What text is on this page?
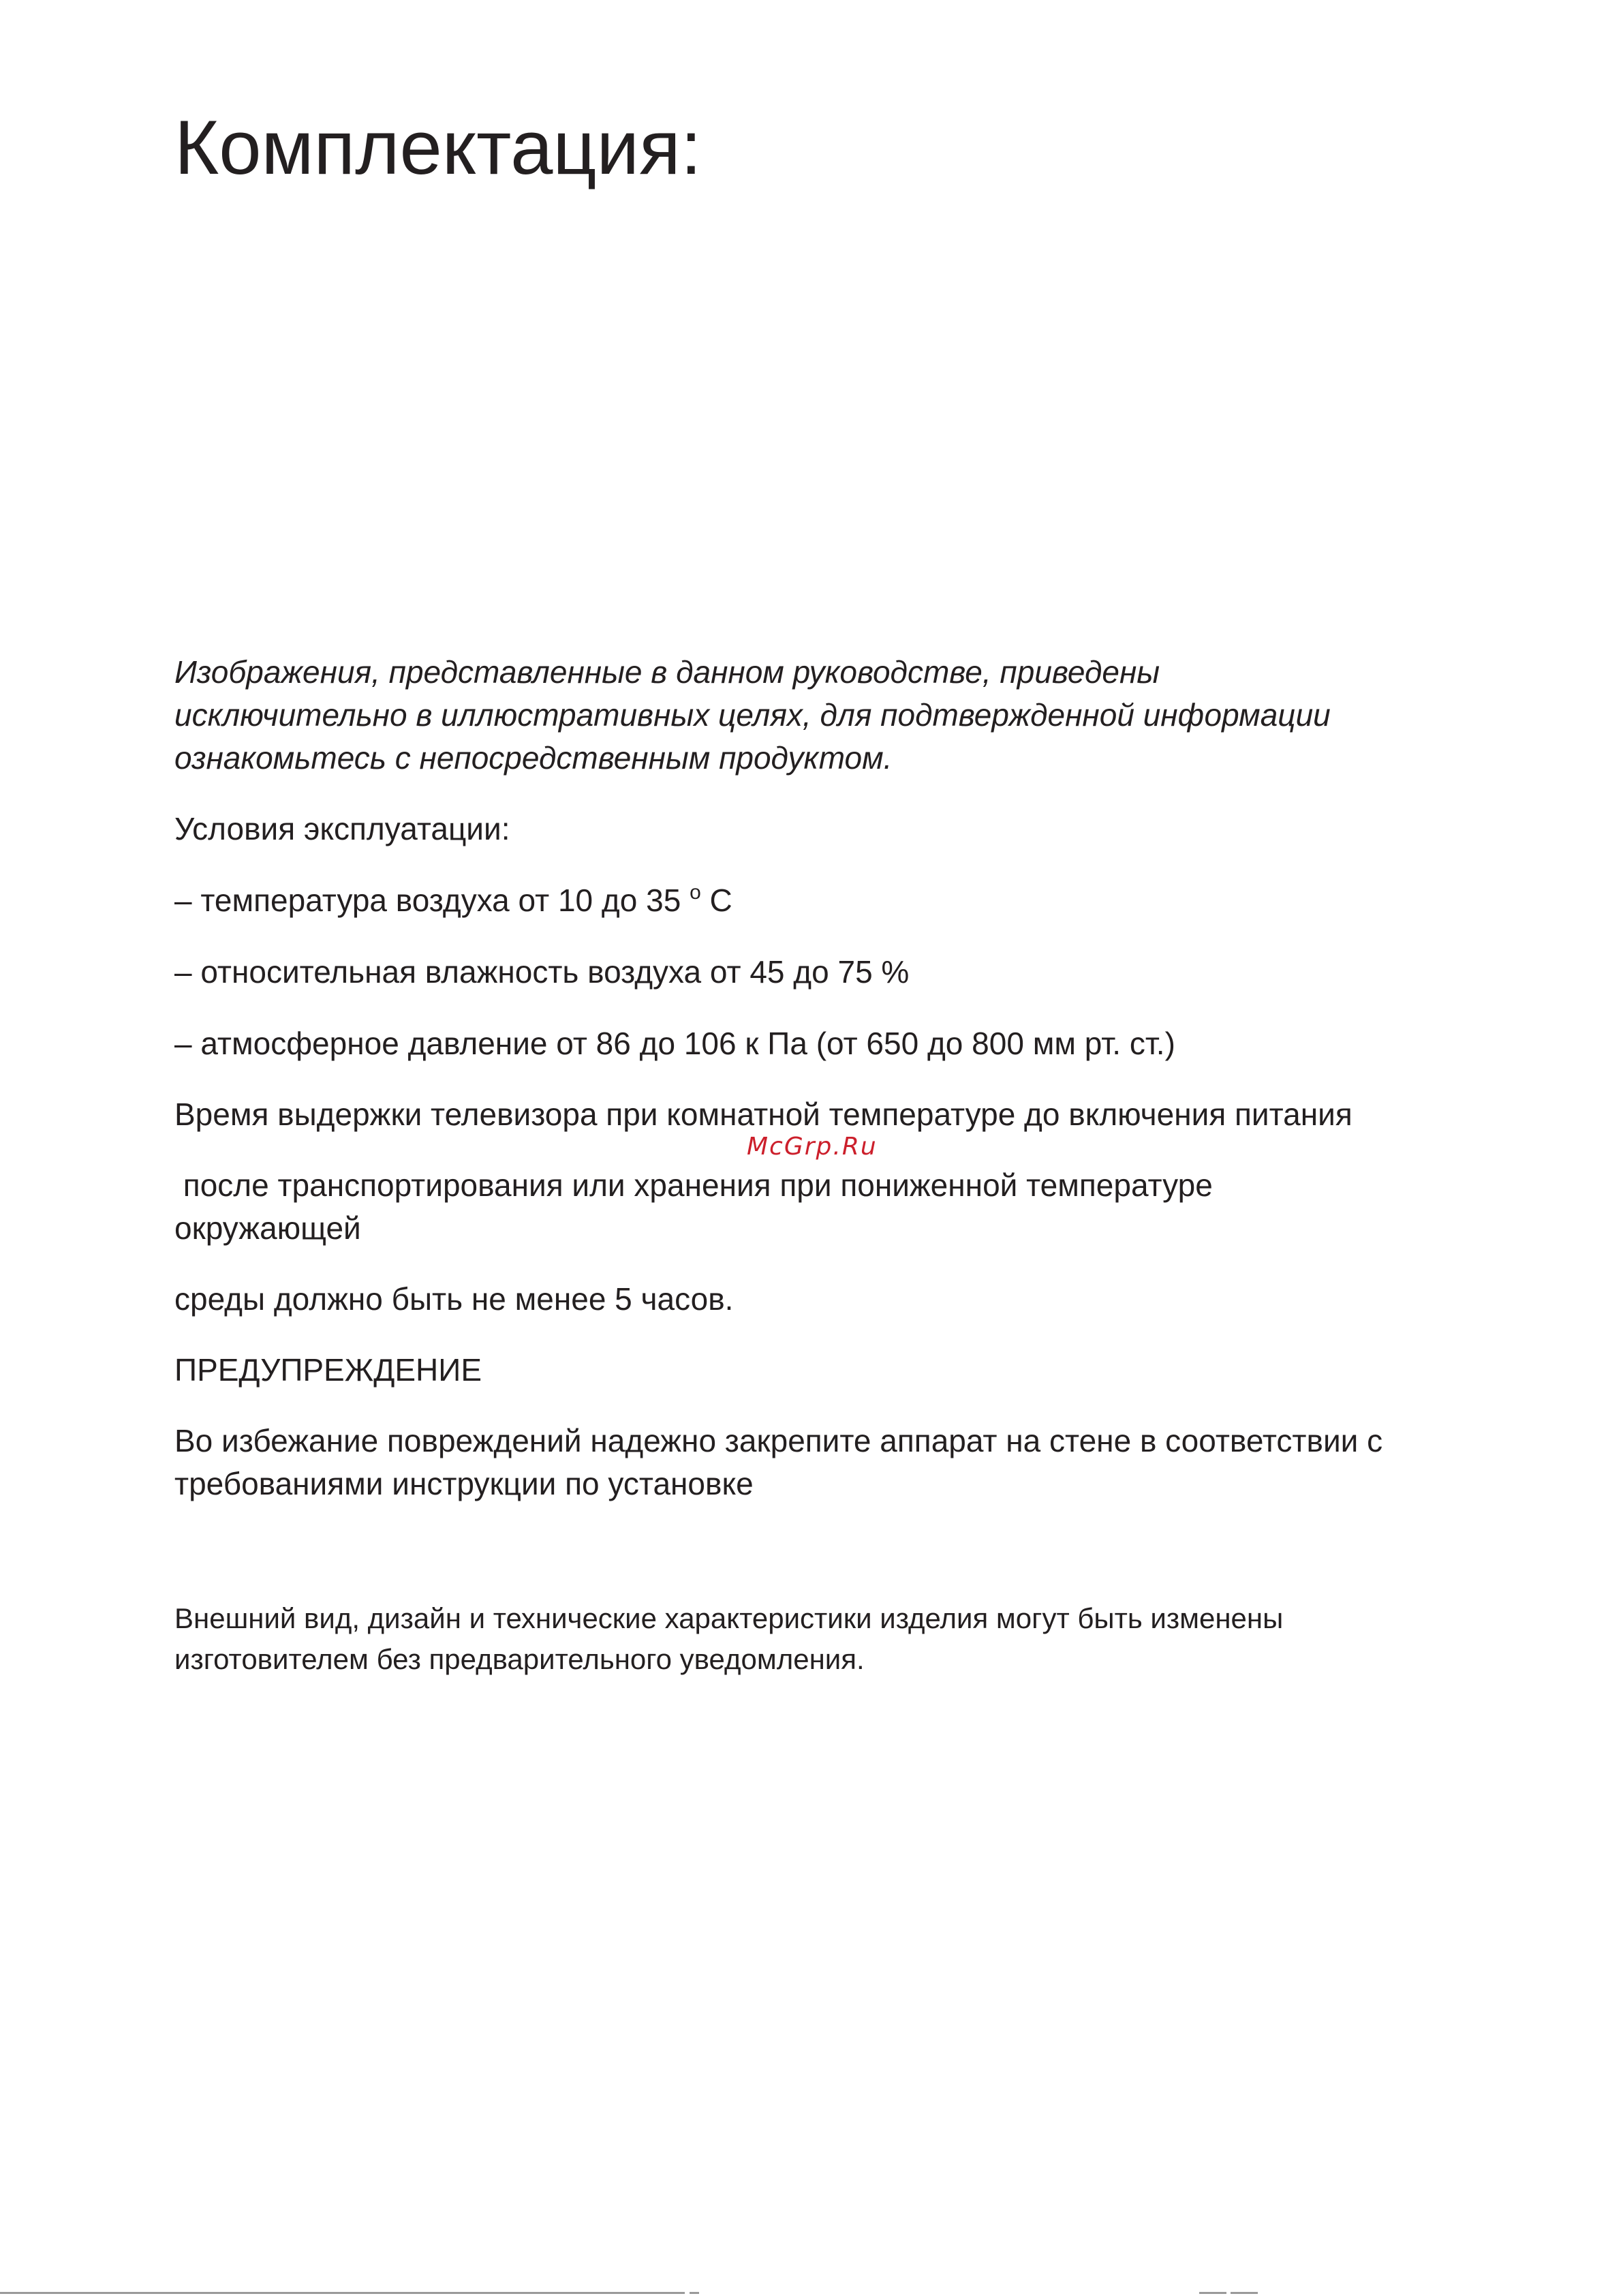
Комплектация:

Изображения, представленные в данном руководстве, приведены

исключительно в иллюстративных целях, для подтвержденной информации

ознакомьтесь с непосредственным продуктом.

Условия эксплуатации:

– температура воздуха от 10 до 35 $^o$ С

– относительная влажность воздуха от 45 до 75 %

– атмосферное давление от 86 до 106 к Па (от 650 до 800 мм рт. ст.)

Время выдержки телевизора при комнатной температуре до включения питания

после транспортирования или хранения при пониженной температуре

окружающей

среды должно быть не менее 5 часов.

ПРЕДУПРЕЖДЕНИЕ

Во избежание повреждений надежно закрепите аппарат на стене в соответствии с

требованиями инструкции по установке

Внешний вид, дизайн и технические характеристики изделия могут быть изменены

изготовителем без предварительного уведомления.

McGrp.Ru
